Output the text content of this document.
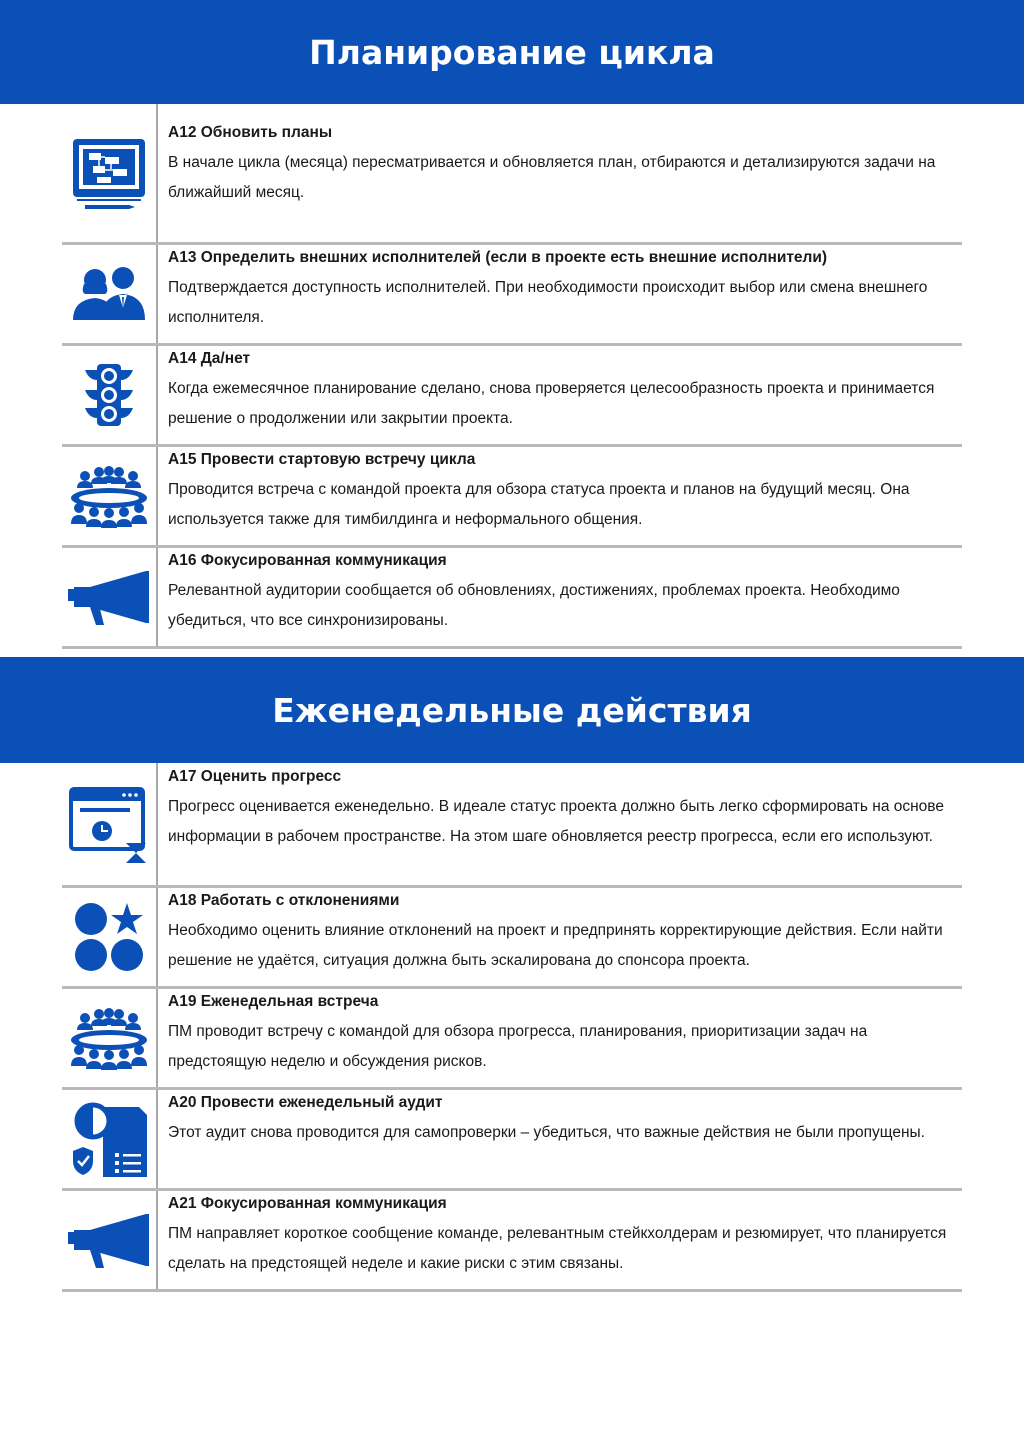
Планирование цикла

А12 Обновить планы

В начале цикла (месяца) пересматривается и обновляется план, отбираются и детализируются задачи на ближайший месяц.

А13 Определить внешних исполнителей (если в проекте есть внешние исполнители)

Подтверждается доступность исполнителей. При необходимости происходит выбор или смена внешнего исполнителя.

А14 Да/нет

Когда ежемесячное планирование сделано, снова проверяется целесообразность проекта и принимается решение о продолжении или закрытии проекта.

А15 Провести стартовую встречу цикла

Проводится встреча с командой проекта для обзора статуса проекта и планов на будущий месяц. Она используется также для тимбилдинга и неформального общения.

А16 Фокусированная коммуникация

Релевантной аудитории сообщается об обновлениях, достижениях, проблемах проекта. Необходимо убедиться, что все синхронизированы.

Еженедельные действия

А17 Оценить прогресс

Прогресс оценивается еженедельно. В идеале статус проекта должно быть легко сформировать на основе информации в рабочем пространстве. На этом шаге обновляется реестр прогресса, если его используют.

А18 Работать с отклонениями

Необходимо оценить влияние отклонений на проект и предпринять корректирующие действия. Если найти решение не удаётся, ситуация должна быть эскалирована до спонсора проекта.

А19 Еженедельная встреча

ПМ проводит встречу с командой для обзора прогресса, планирования, приоритизации задач на предстоящую неделю и обсуждения рисков.

А20 Провести еженедельный аудит

Этот аудит снова проводится для самопроверки – убедиться, что важные действия не были пропущены.

А21 Фокусированная коммуникация

ПМ направляет короткое сообщение команде, релевантным стейкхолдерам и резюмирует, что планируется сделать на предстоящей неделе и какие риски с этим связаны.
